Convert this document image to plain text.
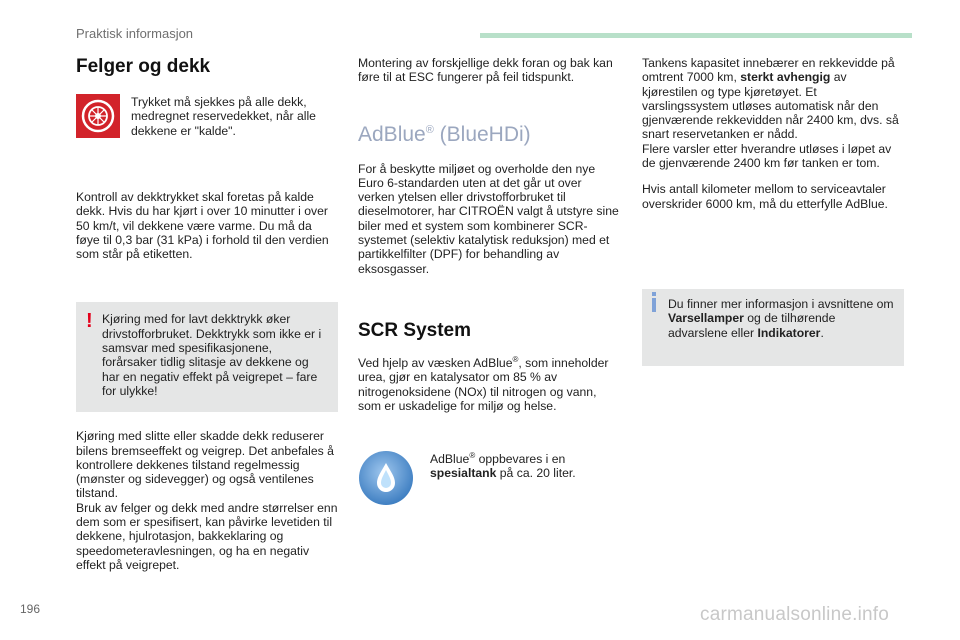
Praktisk informasjon
Felger og dekk

Trykket må sjekkes på alle dekk, medregnet reservedekket, når alle dekkene er "kalde".

Kontroll av dekktrykket skal foretas på kalde dekk. Hvis du har kjørt i over 10 minutter i over 50 km/t, vil dekkene være varme. Du må da føye til 0,3 bar (31 kPa) i forhold til den verdien som står på etiketten.

! Kjøring med for lavt dekktrykk øker drivstofforbruket. Dekktrykk som ikke er i samsvar med spesifikasjonene, forårsaker tidlig slitasje av dekkene og har en negativ effekt på veigrepet – fare for ulykke!

Kjøring med slitte eller skadde dekk reduserer bilens bremseeffekt og veigrep. Det anbefales å kontrollere dekkenes tilstand regelmessig (mønster og sidevegger) og også ventilenes tilstand.

Bruk av felger og dekk med andre størrelser enn dem som er spesifisert, kan påvirke levetiden til dekkene, hjulrotasjon, bakkeklaring og speedometeravlesningen, og ha en negativ effekt på veigrepet.

Montering av forskjellige dekk foran og bak kan føre til at ESC fungerer på feil tidspunkt.

AdBlue® (BlueHDi)

For å beskytte miljøet og overholde den nye Euro 6-standarden uten at det går ut over verken ytelsen eller drivstofforbruket til dieselmotorer, har CITROËN valgt å utstyre sine biler med et system som kombinerer SCR-systemet (selektiv katalytisk reduksjon) med et partikkelfilter (DPF) for behandling av eksosgasser.

SCR System

Ved hjelp av væsken AdBlue®, som inneholder urea, gjør en katalysator om 85 % av nitrogenoksidene (NOx) til nitrogen og vann, som er uskadelige for miljø og helse.

AdBlue® oppbevares i en spesialtank på ca. 20 liter.

Tankens kapasitet innebærer en rekkevidde på omtrent 7000 km, sterkt avhengig av kjørestilen og type kjøretøyet. Et varslingssystem utløses automatisk når den gjenværende rekkevidden når 2400 km, dvs. så snart reservetanken er nådd.

Flere varsler etter hverandre utløses i løpet av de gjenværende 2400 km før tanken er tom.

Hvis antall kilometer mellom to serviceavtaler overskrider 6000 km, må du etterfylle AdBlue.

Du finner mer informasjon i avsnittene om Varsellamper og de tilhørende advarslene eller Indikatorer.

196	carmanualsonline.info
